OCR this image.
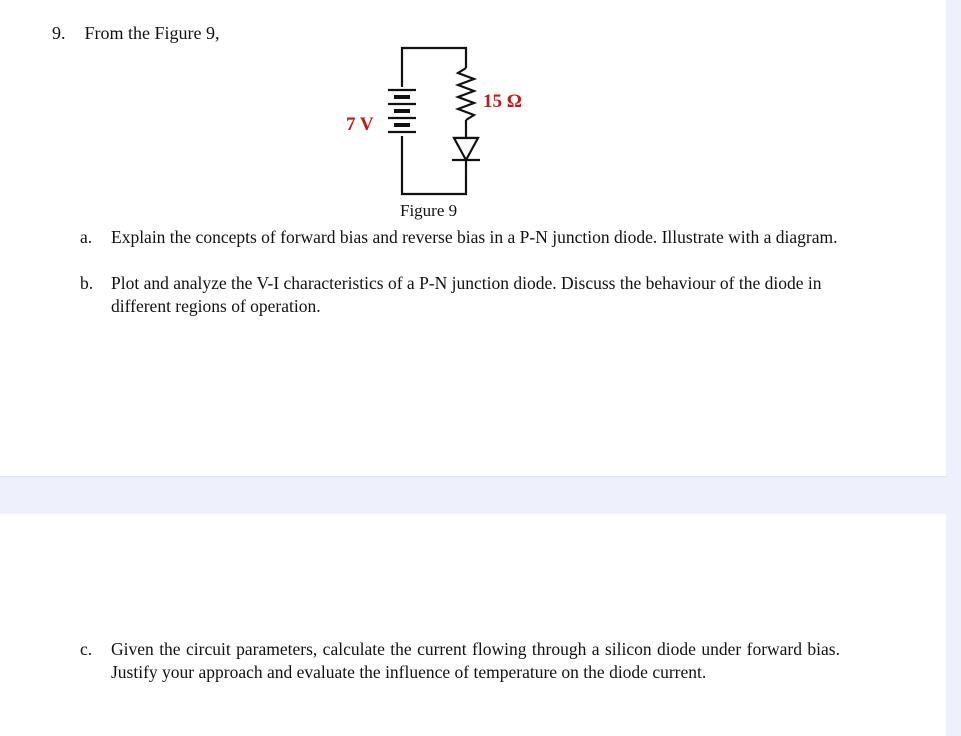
9. From the Figure 9,
7 V
15 Ω
Figure 9
a. Explain the concepts of forward bias and reverse bias in a P-N junction diode. Illustrate with a diagram.
b. Plot and analyze the V-I characteristics of a P-N junction diode. Discuss the behaviour of the diode in different regions of operation.
c. Given the circuit parameters, calculate the current flowing through a silicon diode under forward bias. Justify your approach and evaluate the influence of temperature on the diode current.
